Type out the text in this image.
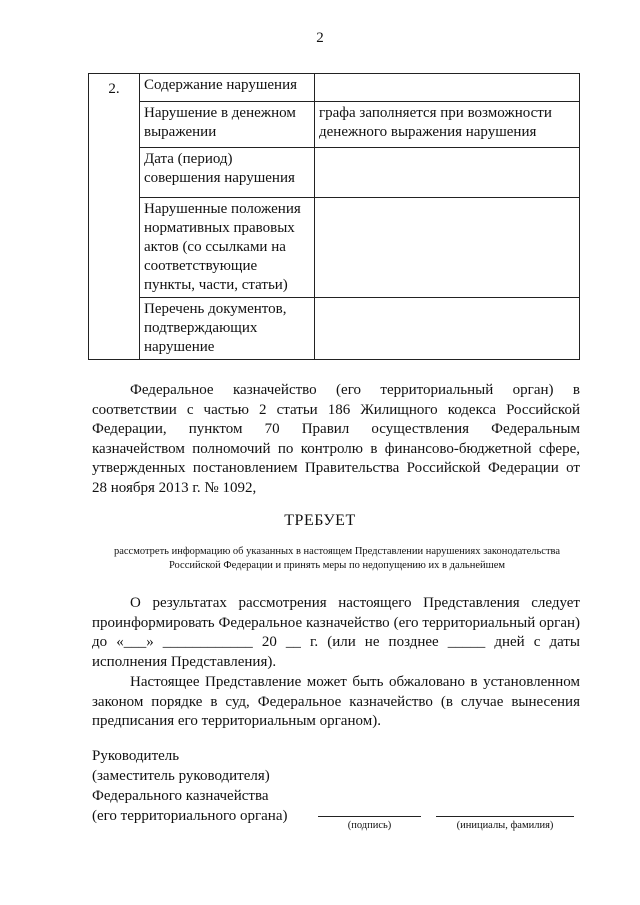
2
2.	Содержание нарушения	
	Нарушение в денежном выражении	графа заполняется при возможности денежного выражения нарушения
	Дата (период) совершения нарушения	
	Нарушенные положения нормативных правовых актов (со ссылками на соответствующие пункты, части, статьи)	
	Перечень документов, подтверждающих нарушение	
Федеральное казначейство (его территориальный орган) в соответствии с частью 2 статьи 186 Жилищного кодекса Российской Федерации, пунктом 70 Правил осуществления Федеральным казначейством полномочий по контролю в финансово-бюджетной сфере, утвержденных постановлением Правительства Российской Федерации от 28 ноября 2013 г. № 1092,
ТРЕБУЕТ
рассмотреть информацию об указанных в настоящем Представлении нарушениях законодательства Российской Федерации и принять меры по недопущению их в дальнейшем
О результатах рассмотрения настоящего Представления следует проинформировать Федеральное казначейство (его территориальный орган) до «___» ____________ 20 __ г. (или не позднее _____ дней с даты исполнения Представления).
Настоящее Представление может быть обжаловано в установленном законом порядке в суд, Федеральное казначейство (в случае вынесения предписания его территориальным органом).
Руководитель
(заместитель руководителя)
Федерального казначейства
(его территориального органа)
(подпись)	(инициалы, фамилия)
